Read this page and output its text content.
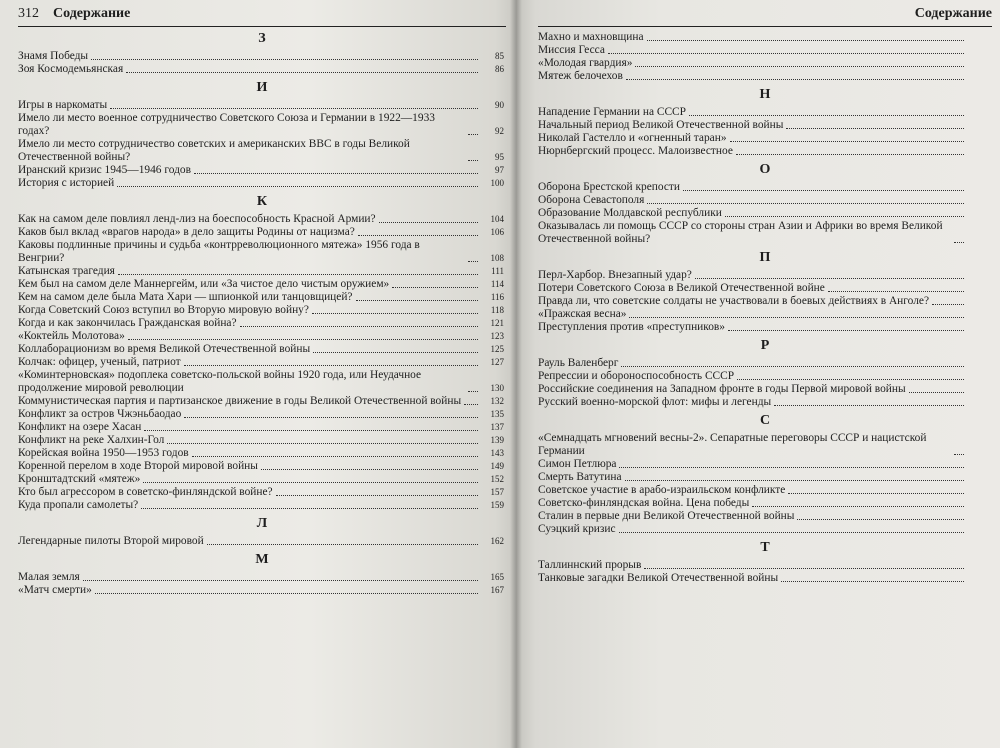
312 Содержание
З
Знамя Победы	85
Зоя Космодемьянская	86
И
Игры в наркоматы	90
Имело ли место военное сотрудничество Советского Союза и Германии в 1922—1933 годах?	92
Имело ли место сотрудничество советских и американских ВВС в годы Великой Отечественной войны?	95
Иранский кризис 1945—1946 годов	97
История с историей	100
К
Как на самом деле повлиял ленд-лиз на боеспособность Красной Армии?	104
Каков был вклад «врагов народа» в дело защиты Родины от нацизма?	106
Каковы подлинные причины и судьба «контрреволюционного мятежа» 1956 года в Венгрии?	108
Катынская трагедия	111
Кем был на самом деле Маннергейм, или «За чистое дело чистым оружием»	114
Кем на самом деле была Мата Хари — шпионкой или танцовщицей?	116
Когда Советский Союз вступил во Вторую мировую войну?	118
Когда и как закончилась Гражданская война?	121
«Коктейль Молотова»	123
Коллаборационизм во время Великой Отечественной войны	125
Колчак: офицер, ученый, патриот	127
«Коминтерновская» подоплека советско-польской войны 1920 года, или Неудачное продолжение мировой революции	130
Коммунистическая партия и партизанское движение в годы Великой Отечественной войны	132
Конфликт за остров Чжэньбаодао	135
Конфликт на озере Хасан	137
Конфликт на реке Халхин-Гол	139
Корейская война 1950—1953 годов	143
Коренной перелом в ходе Второй мировой войны	149
Кронштадтский «мятеж»	152
Кто был агрессором в советско-финляндской войне?	157
Куда пропали самолеты?	159
Л
Легендарные пилоты Второй мировой	162
М
Малая земля	165
«Матч смерти»	167
Содержание
Махно и махновщина
Миссия Гесса
«Молодая гвардия»
Мятеж белочехов
Н
Нападение Германии на СССР
Начальный период Великой Отечественной войны
Николай Гастелло и «огненный таран»
Нюрнбергский процесс. Малоизвестное
О
Оборона Брестской крепости
Оборона Севастополя
Образование Молдавской республики
Оказывалась ли помощь СССР со стороны стран Азии и Африки во время Великой Отечественной войны?
П
Перл-Харбор. Внезапный удар?
Потери Советского Союза в Великой Отечественной войне
Правда ли, что советские солдаты не участвовали в боевых действиях в Анголе?
«Пражская весна»
Преступления против «преступников»
Р
Рауль Валенберг
Репрессии и обороноспособность СССР
Российские соединения на Западном фронте в годы Первой мировой войны
Русский военно-морской флот: мифы и легенды
С
«Семнадцать мгновений весны-2». Сепаратные переговоры СССР и нацистской Германии
Симон Петлюра
Смерть Ватутина
Советское участие в арабо-израильском конфликте
Советско-финляндская война. Цена победы
Сталин в первые дни Великой Отечественной войны
Суэцкий кризис
Т
Таллиннский прорыв
Танковые загадки Великой Отечественной войны
